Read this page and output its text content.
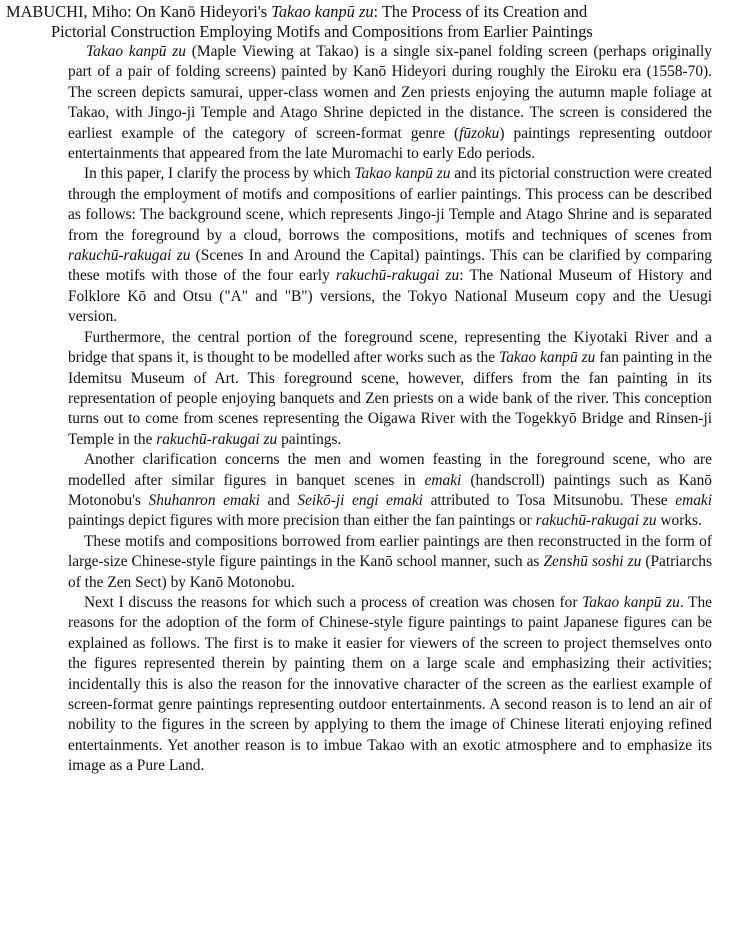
MABUCHI, Miho: On Kanō Hideyori's Takao kanpū zu: The Process of its Creation and
Pictorial Construction Employing Motifs and Compositions from Earlier Paintings

Takao kanpū zu (Maple Viewing at Takao) is a single six-panel folding screen (perhaps originally part of a pair of folding screens) painted by Kanō Hideyori during roughly the Eiroku era (1558-70). The screen depicts samurai, upper-class women and Zen priests enjoying the autumn maple foliage at Takao, with Jingo-ji Temple and Atago Shrine depicted in the distance. The screen is considered the earliest example of the category of screen-format genre (fūzoku) paintings representing outdoor entertainments that appeared from the late Muromachi to early Edo periods.

In this paper, I clarify the process by which Takao kanpū zu and its pictorial construction were created through the employment of motifs and compositions of earlier paintings. This process can be described as follows: The background scene, which represents Jingo-ji Temple and Atago Shrine and is separated from the foreground by a cloud, borrows the compositions, motifs and techniques of scenes from rakuchū-rakugai zu (Scenes In and Around the Capital) paintings. This can be clarified by comparing these motifs with those of the four early rakuchū-rakugai zu: The National Museum of History and Folklore Kō and Otsu ("A" and "B") versions, the Tokyo National Museum copy and the Uesugi version.

Furthermore, the central portion of the foreground scene, representing the Kiyotaki River and a bridge that spans it, is thought to be modelled after works such as the Takao kanpū zu fan painting in the Idemitsu Museum of Art. This foreground scene, however, differs from the fan painting in its representation of people enjoying banquets and Zen priests on a wide bank of the river. This conception turns out to come from scenes representing the Oigawa River with the Togekkyō Bridge and Rinsen-ji Temple in the rakuchū-rakugai zu paintings.

Another clarification concerns the men and women feasting in the foreground scene, who are modelled after similar figures in banquet scenes in emaki (handscroll) paintings such as Kanō Motonobu's Shuhanron emaki and Seikō-ji engi emaki attributed to Tosa Mitsunobu. These emaki paintings depict figures with more precision than either the fan paintings or rakuchū-rakugai zu works.

These motifs and compositions borrowed from earlier paintings are then reconstructed in the form of large-size Chinese-style figure paintings in the Kanō school manner, such as Zenshū soshi zu (Patriarchs of the Zen Sect) by Kanō Motonobu.

Next I discuss the reasons for which such a process of creation was chosen for Takao kanpū zu. The reasons for the adoption of the form of Chinese-style figure paintings to paint Japanese figures can be explained as follows. The first is to make it easier for viewers of the screen to project themselves onto the figures represented therein by painting them on a large scale and emphasizing their activities; incidentally this is also the reason for the innovative character of the screen as the earliest example of screen-format genre paintings representing outdoor entertainments. A second reason is to lend an air of nobility to the figures in the screen by applying to them the image of Chinese literati enjoying refined entertainments. Yet another reason is to imbue Takao with an exotic atmosphere and to emphasize its image as a Pure Land.
